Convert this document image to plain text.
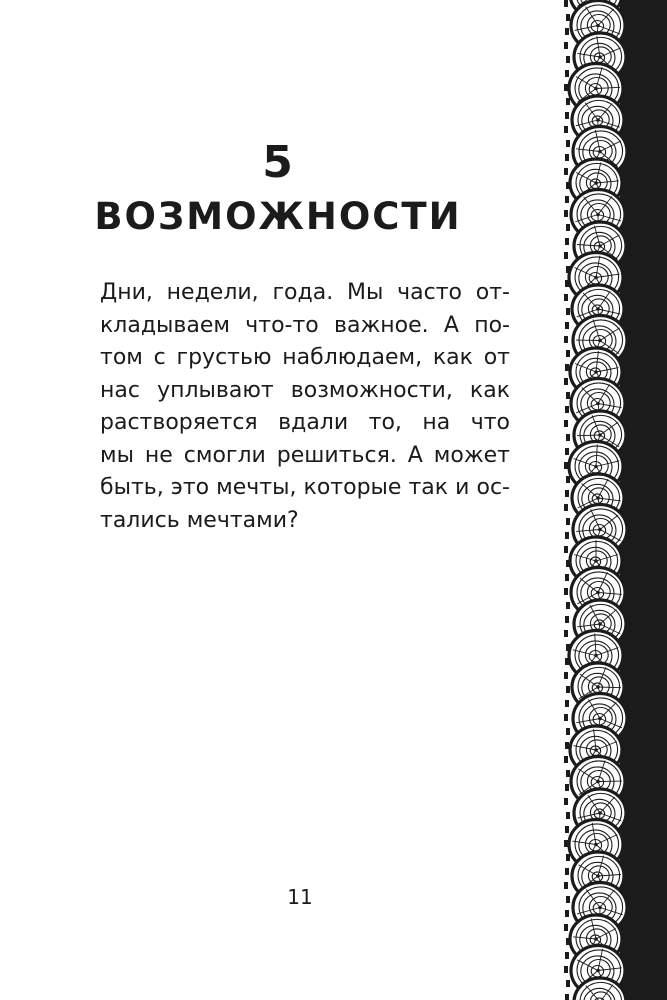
5
ВОЗМОЖНОСТИ
Дни, недели, года. Мы часто от-
кладываем что-то важное. А по-
том с грустью наблюдаем, как от
нас уплывают возможности, как
растворяется вдали то, на что
мы не смогли решиться. А может
быть, это мечты, которые так и ос-
тались мечтами?
11
